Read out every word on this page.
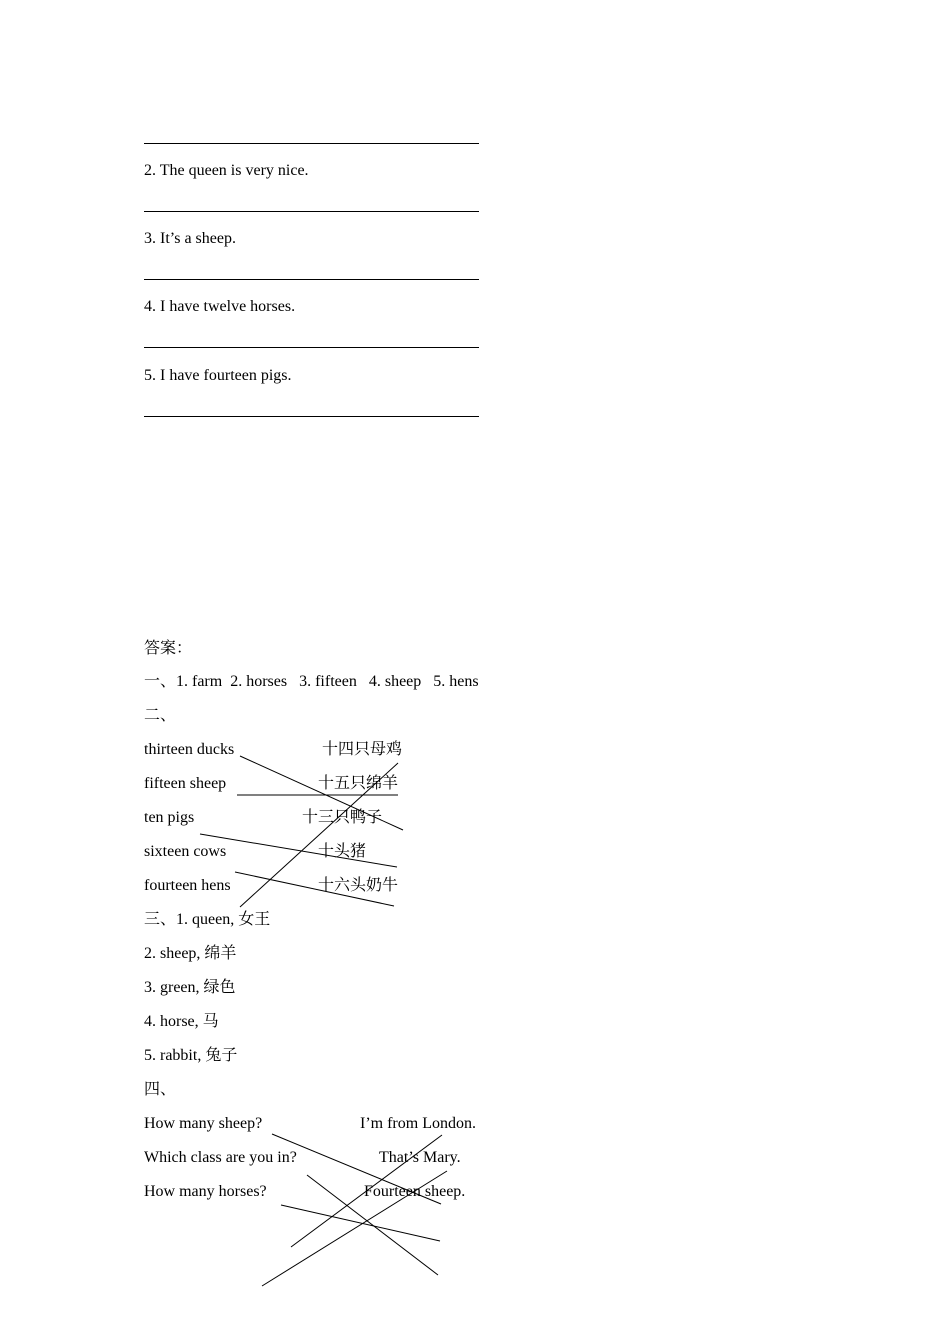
2. The queen is very nice.
3. It’s a sheep.
4. I have twelve horses.
5. I have fourteen pigs.
答案：
一、1. farm  2. horses   3. fifteen   4. sheep   5. hens
二、
thirteen ducks
fifteen sheep
ten pigs
sixteen cows
fourteen hens
十四只母鸡
十五只绵羊
十三只鸭子
十头猪
十六头奶牛
三、1. queen, 女王
2. sheep, 绵羊
3. green, 绿色
4. horse, 马
5. rabbit, 兔子
四、
How many sheep?
Which class are you in?
How many horses?
I’m from London.
That’s Mary.
Fourteen sheep.
